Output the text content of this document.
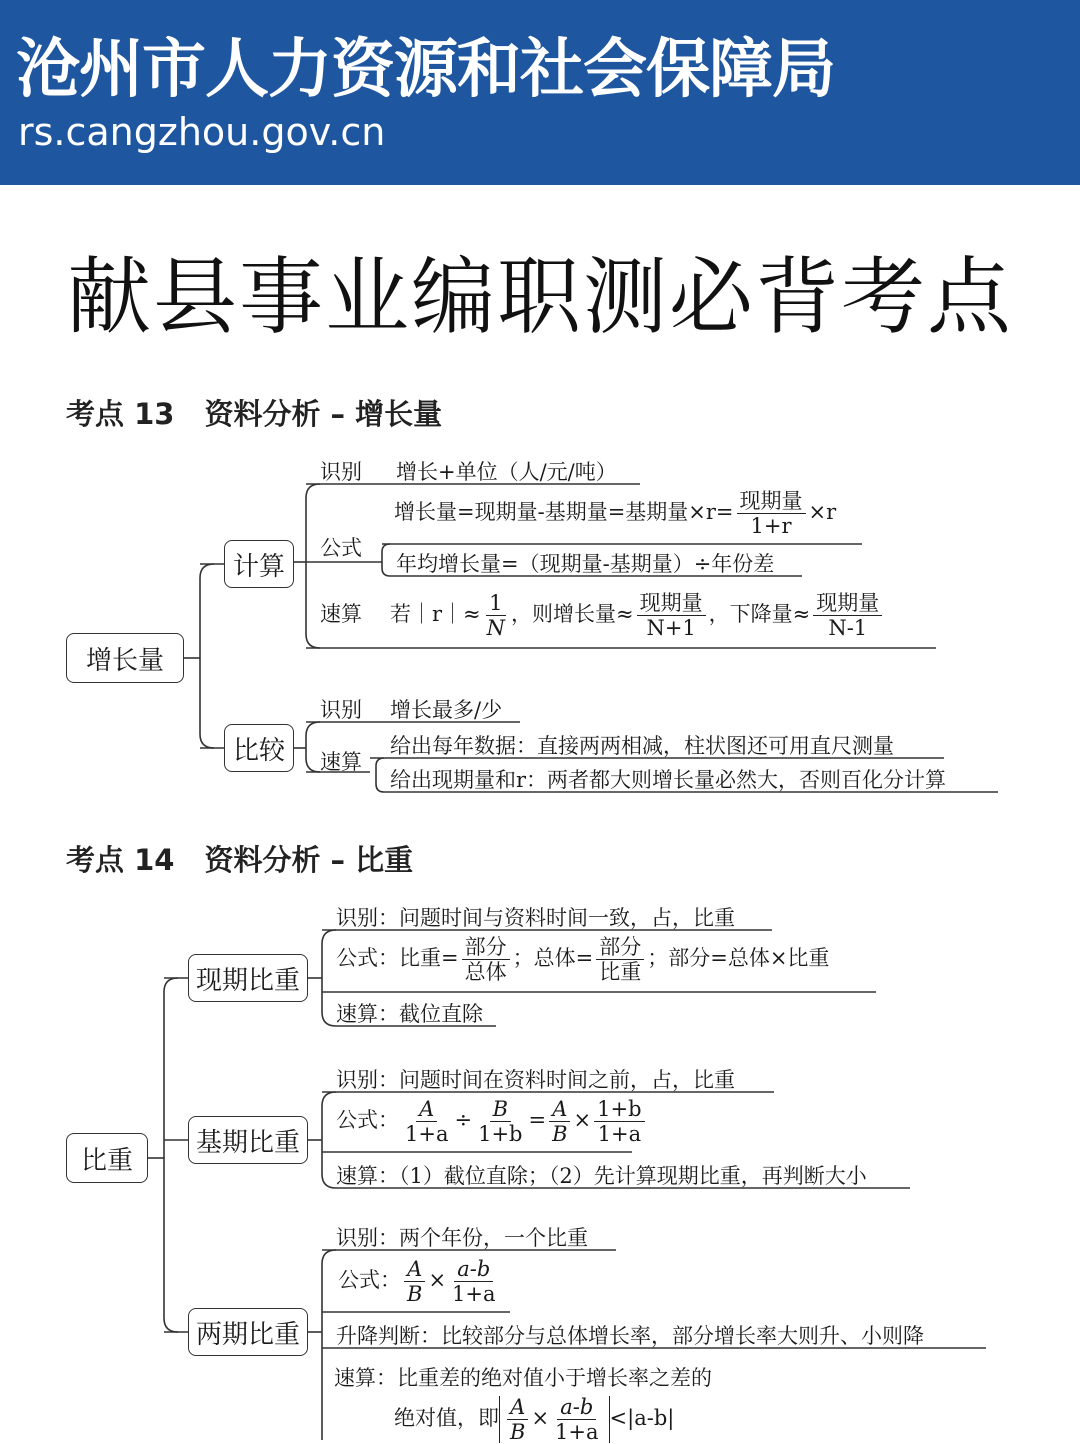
沧州市人力资源和社会保障局
rs.cangzhou.gov.cn
献县事业编职测必背考点
考点 13 资料分析 – 增长量
增长量
计算
比较
识别 增长+单位（人/元/吨）
公式
增长量=现期量-基期量=基期量$\times r= \frac{\text{现期量}}{1+r} \times r$
年均增长量=（现期量-基期量）÷年份差
速算 若｜r｜≈ $\frac{1}{N}$ ，则增长量≈ $\frac{\text{现期量}}{N+1}$ ，下降量≈ $\frac{\text{现期量}}{N-1}$
识别 增长最多/少
速算
给出每年数据：直接两两相减，柱状图还可用直尺测量
给出现期量和r：两者都大则增长量必然大，否则百化分计算
考点 14 资料分析 – 比重
比重
现期比重
基期比重
两期比重
识别：问题时间与资料时间一致，占，比重
公式：比重= $\frac{\text{部分}}{\text{总体}}$ ；总体= $\frac{\text{部分}}{\text{比重}}$ ；部分=总体×比重
速算：截位直除
识别：问题时间在资料时间之前，占，比重
公式： $\frac{A}{1+a} \div \frac{B}{1+b} = \frac{A}{B} \times \frac{1+b}{1+a}$
速算：（1）截位直除；（2）先计算现期比重，再判断大小
识别：两个年份，一个比重
公式： $\frac{A}{B} \times \frac{a-b}{1+a}$
升降判断：比较部分与总体增长率，部分增长率大则升、小则降
速算：比重差的绝对值小于增长率之差的
绝对值，即 $\frac{A}{B} \times \frac{a-b}{1+a} <|a-b|$
